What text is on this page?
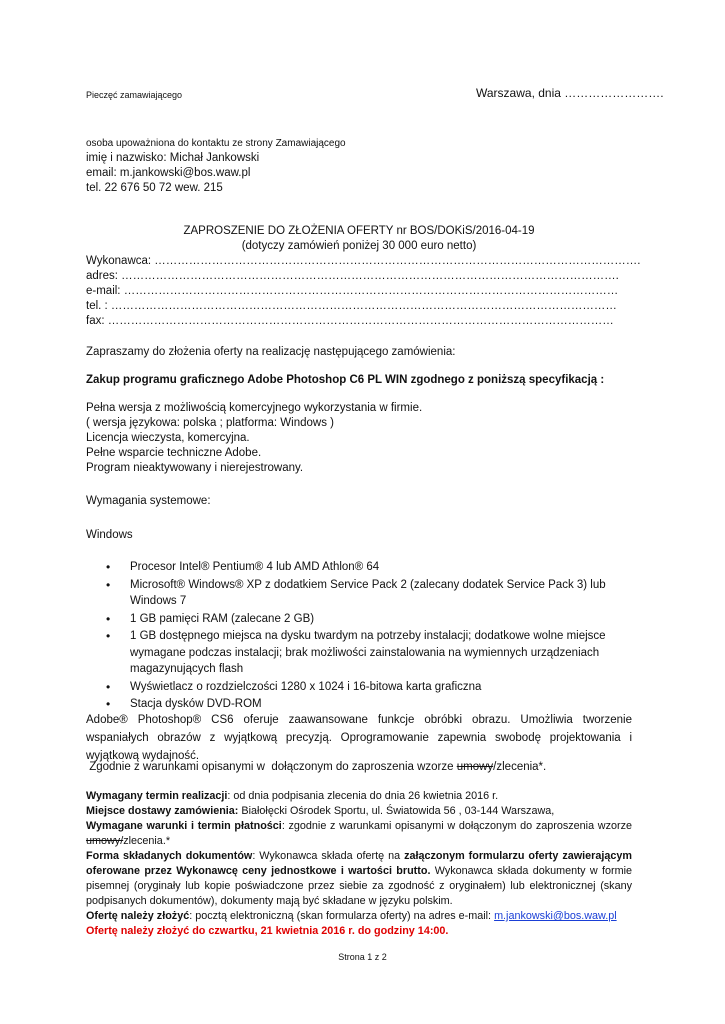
Pieczęć zamawiającego	Warszawa, dnia …………………….
osoba upoważniona do kontaktu ze strony Zamawiającego
imię i nazwisko: Michał Jankowski
email: m.jankowski@bos.waw.pl
tel. 22 676 50 72 wew. 215
ZAPROSZENIE DO ZŁOŻENIA OFERTY nr BOS/DOKiS/2016-04-19
(dotyczy zamówień poniżej 30 000 euro netto)
Wykonawca: ……………………………………………………………………………………………………………….
adres: ………………………………………………………………………………………………………………….
e-mail: …………………………………………………………………………………………………………………
tel. : ……………………………………………………………………………………………………………………
fax: ……………………………………………………………………………………………………………………
Zapraszamy do złożenia oferty na realizację następującego zamówienia:
Zakup programu graficznego Adobe Photoshop C6 PL WIN zgodnego z poniższą specyfikacją :
Pełna wersja z możliwością komercyjnego wykorzystania w firmie.
( wersja językowa: polska ; platforma: Windows )
Licencja wieczysta, komercyjna.
Pełne wsparcie techniczne Adobe.
Program nieaktywowany i nierejestrowany.
Wymagania systemowe:
Windows
• Procesor Intel® Pentium® 4 lub AMD Athlon® 64
• Microsoft® Windows® XP z dodatkiem Service Pack 2 (zalecany dodatek Service Pack 3) lub Windows 7
• 1 GB pamięci RAM (zalecane 2 GB)
• 1 GB dostępnego miejsca na dysku twardym na potrzeby instalacji; dodatkowe wolne miejsce wymagane podczas instalacji; brak możliwości zainstalowania na wymiennych urządzeniach magazynujących flash
• Wyświetlacz o rozdzielczości 1280 x 1024 i 16-bitowa karta graficzna
• Stacja dysków DVD-ROM
Adobe® Photoshop® CS6 oferuje zaawansowane funkcje obróbki obrazu. Umożliwia tworzenie wspaniałych obrazów z wyjątkową precyzją. Oprogramowanie zapewnia swobodę projektowania i wyjątkową wydajność.
Zgodnie z warunkami opisanymi w  dołączonym do zaproszenia wzorze umowy/zlecenia*.
Wymagany termin realizacji: od dnia podpisania zlecenia do dnia 26 kwietnia 2016 r.
Miejsce dostawy zamówienia: Białołęcki Ośrodek Sportu, ul. Światowida 56 , 03-144 Warszawa,
Wymagane warunki i termin płatności: zgodnie z warunkami opisanymi w dołączonym do zaproszenia wzorze umowy/zlecenia.*
Forma składanych dokumentów: Wykonawca składa ofertę na załączonym formularzu oferty zawierającym oferowane przez Wykonawcę ceny jednostkowe i wartości brutto. Wykonawca składa dokumenty w formie pisemnej (oryginały lub kopie poświadczone przez siebie za zgodność z oryginałem) lub elektronicznej (skany podpisanych dokumentów), dokumenty mają być składane w języku polskim.
Ofertę należy złożyć: pocztą elektroniczną (skan formularza oferty) na adres e-mail: m.jankowski@bos.waw.pl
Ofertę należy złożyć do czwartku, 21 kwietnia 2016 r. do godziny 14:00.
Strona 1 z 2
